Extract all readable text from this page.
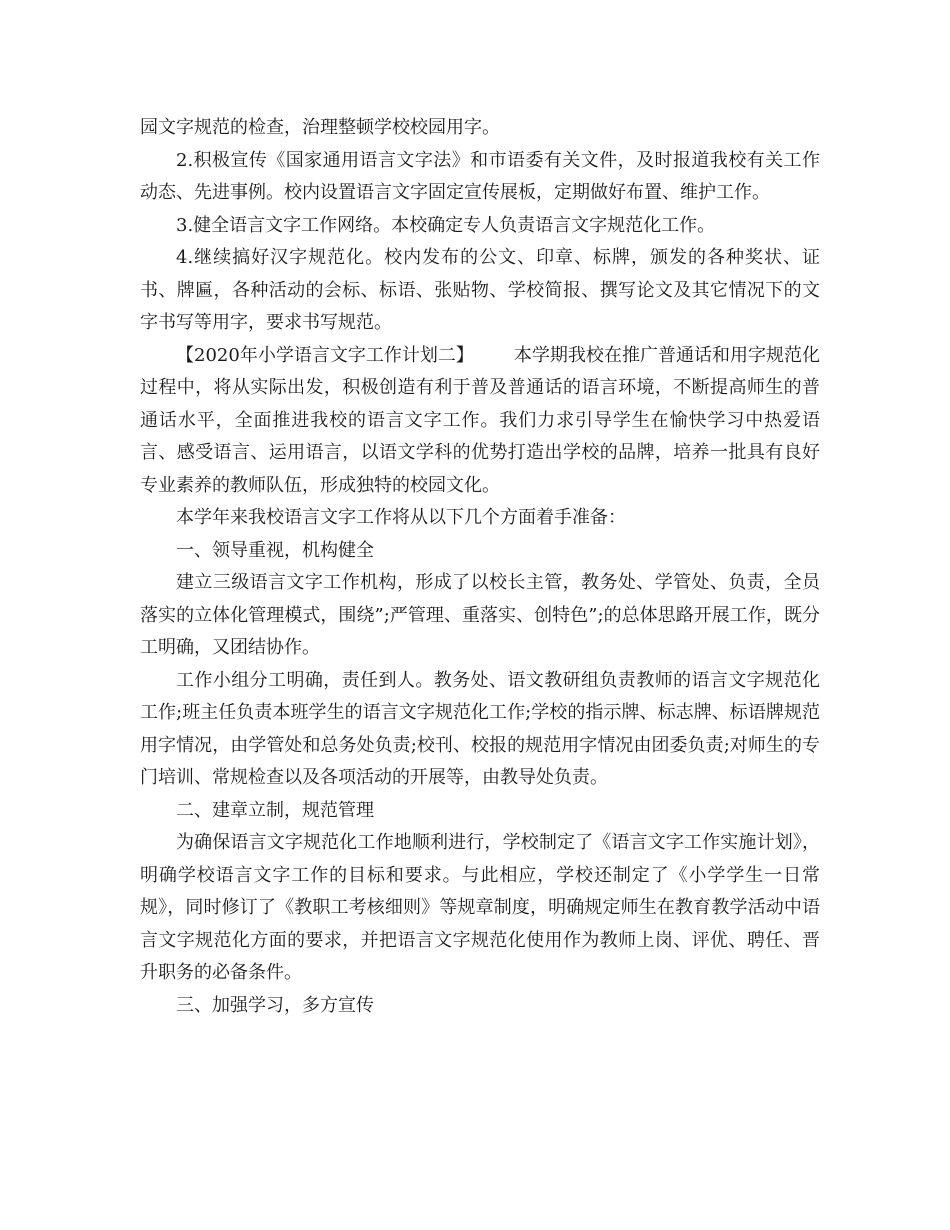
园文字规范的检查，治理整顿学校校园用字。

2.积极宣传《国家通用语言文字法》和市语委有关文件，及时报道我校有关工作动态、先进事例。校内设置语言文字固定宣传展板，定期做好布置、维护工作。

3.健全语言文字工作网络。本校确定专人负责语言文字规范化工作。

4.继续搞好汉字规范化。校内发布的公文、印章、标牌，颁发的各种奖状、证书、牌匾，各种活动的会标、标语、张贴物、学校简报、撰写论文及其它情况下的文字书写等用字，要求书写规范。

【2020年小学语言文字工作计划二】 本学期我校在推广普通话和用字规范化过程中，将从实际出发，积极创造有利于普及普通话的语言环境，不断提高师生的普通话水平，全面推进我校的语言文字工作。我们力求引导学生在愉快学习中热爱语言、感受语言、运用语言，以语文学科的优势打造出学校的品牌，培养一批具有良好专业素养的教师队伍，形成独特的校园文化。

本学年来我校语言文字工作将从以下几个方面着手准备：

一、领导重视，机构健全

建立三级语言文字工作机构，形成了以校长主管，教务处、学管处、负责，全员落实的立体化管理模式，围绕”;严管理、重落实、创特色”;的总体思路开展工作，既分工明确，又团结协作。

工作小组分工明确，责任到人。教务处、语文教研组负责教师的语言文字规范化工作;班主任负责本班学生的语言文字规范化工作;学校的指示牌、标志牌、标语牌规范用字情况，由学管处和总务处负责;校刊、校报的规范用字情况由团委负责;对师生的专门培训、常规检查以及各项活动的开展等，由教导处负责。

二、建章立制，规范管理

为确保语言文字规范化工作地顺利进行，学校制定了《语言文字工作实施计划》，明确学校语言文字工作的目标和要求。与此相应，学校还制定了《小学学生一日常规》，同时修订了《教职工考核细则》等规章制度，明确规定师生在教育教学活动中语言文字规范化方面的要求，并把语言文字规范化使用作为教师上岗、评优、聘任、晋升职务的必备条件。

三、加强学习，多方宣传
